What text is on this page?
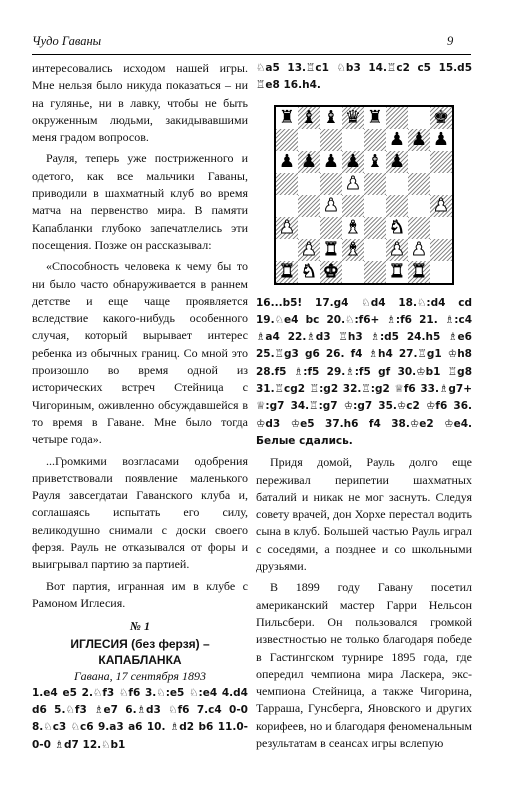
Чудо Гаваны	9

интересовались исходом нашей игры. Мне нельзя было никуда показаться – ни на гулянье, ни в лавку, чтобы не быть окруженным людьми, закидывавшими меня градом вопросов.

Рауля, теперь уже постриженного и одетого, как все мальчики Гаваны, приводили в шахматный клуб во время матча на первенство мира. В памяти Капабланки глубоко запечатлелись эти посещения. Позже он рассказывал:

«Способность человека к чему бы то ни было часто обнаруживается в раннем детстве и еще чаще проявляется вследствие какого-нибудь особенного случая, который вырывает интерес ребенка из обычных границ. Со мной это произошло во время одной из исторических встреч Стейница с Чигориным, оживленно обсуждавшейся в то время в Гаване. Мне было тогда четыре года».

...Громкими возгласами одобрения приветствовали появление маленького Рауля завсегдатаи Гаванского клуба и, соглашаясь испытать его силу, великодушно снимали с доски своего ферзя. Рауль не отказывался от форы и выигрывал партию за партией.

Вот партия, игранная им в клубе с Рамоном Иглесия.

№ 1
ИГЛЕСИЯ (без ферзя) –
КАПАБЛАНКА
Гавана, 17 сентября 1893
1.e4 e5 2.♘f3 ♘f6 3.♘:e5 ♘:e4 4.d4 d6 5.♘f3 ♗e7 6.♗d3 ♘f6 7.c4 0-0 8.♘c3 ♘c6 9.a3 a6 10. ♗d2 b6 11.0-0-0 ♗d7 12.♘b1
♘a5 13.♖c1 ♘b3 14.♖c2 c5 15.d5 ♖e8 16.h4.
♜ ♝ ♝ ♛ ♜	♚
♟ ♟ ♟
♟ ♟ ♟ ♟ ♝ ♟
♟
♟	♟
♟	♝ ♞
♟ ♜ ♝ ♟ ♟
♜ ♞ ♚	♜ ♜
16...b5! 17.g4 ♘d4 18.♘:d4 cd 19.♘e4 bc 20.♘:f6+ ♗:f6 21. ♗:c4 ♗a4 22.♗d3 ♖h3 ♗:d5 24.h5 ♗e6 25.♖g3 g6 26. f4 ♗h4 27.♖g1 ♔h8 28.f5 ♗:f5 29.♗:f5 gf 30.♔b1 ♖g8 31.♖cg2 ♖:g2 32.♖:g2 ♕f6 33.♗g7+ ♕:g7 34.♖:g7 ♔:g7 35.♔c2 ♔f6 36. ♔d3 ♔e5 37.h6 f4 38.♔e2 ♔e4. Белые сдались.

Придя домой, Рауль долго еще переживал перипетии шахматных баталий и никак не мог заснуть. Следуя совету врачей, дон Хорхе перестал водить сына в клуб. Большей частью Рауль играл с соседями, а позднее и со школьными друзьями.

В 1899 году Гавану посетил американский мастер Гарри Нельсон Пильсбери. Он пользовался громкой известностью не только благодаря победе в Гастингском турнире 1895 года, где опередил чемпиона мира Ласкера, экс-чемпиона Стейница, а также Чигорина, Тарраша, Гунсберга, Яновского и других корифеев, но и благодаря феноменальным результатам в сеансах игры вслепую
